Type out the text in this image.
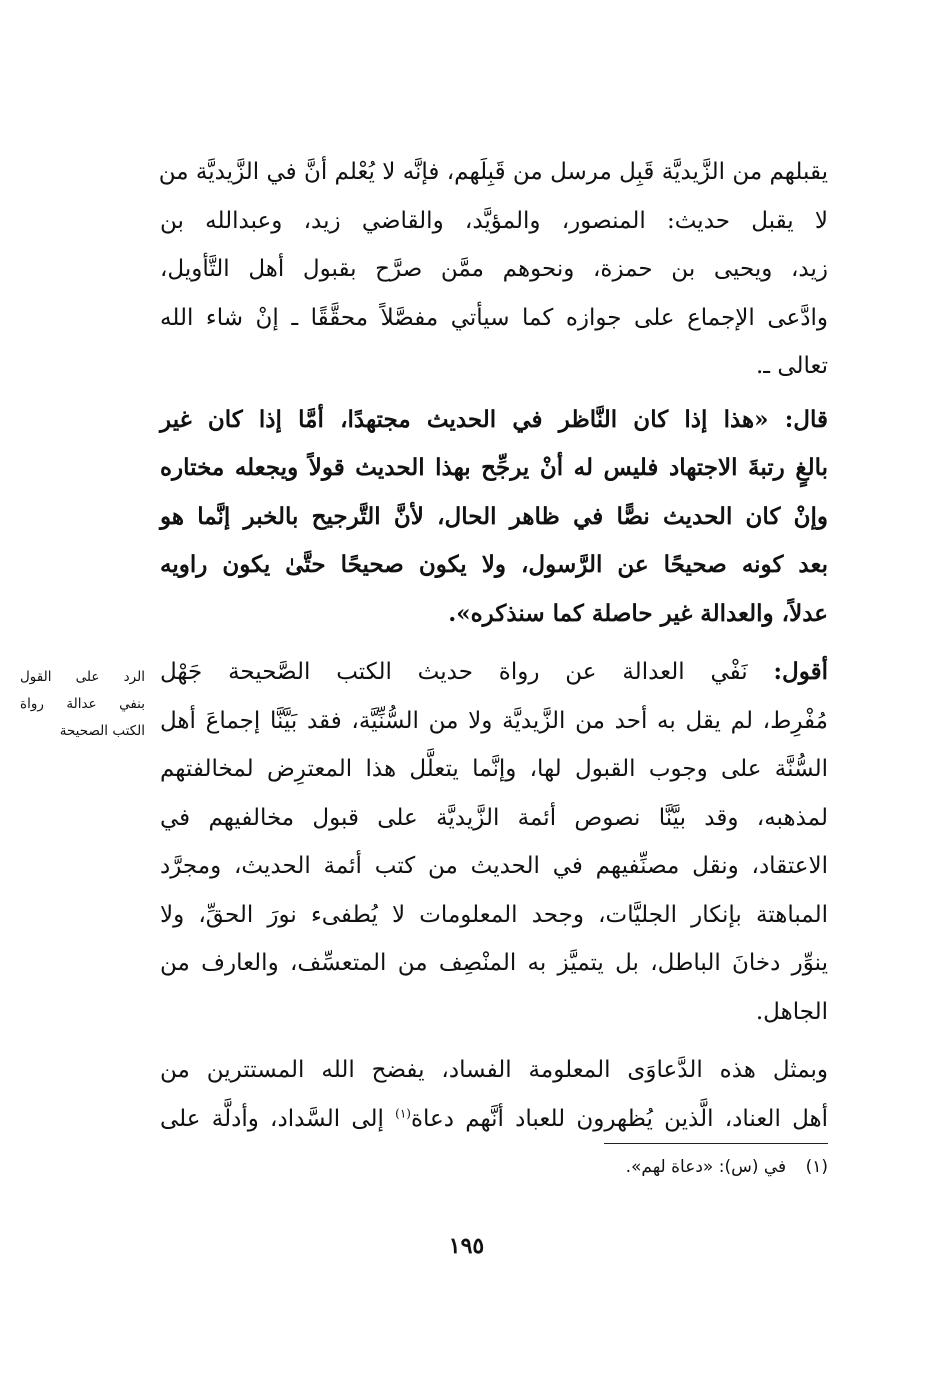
يقبلهم من الزَّيديَّة قَبِل مرسل من قَبِلَهم، فإنَّه لا يُعْلم أنَّ في الزَّيديَّة من
لا يقبل حديث: المنصور، والمؤيَّد، والقاضي زيد، وعبدالله بن
زيد، ويحيى بن حمزة، ونحوهم ممَّن صرَّح بقبول أهل التَّأويل،
وادَّعى الإجماع على جوازه كما سيأتي مفصَّلاً محقَّقًا ـ إنْ شاء الله
تعالى ـ.

قال: «هذا إذا كان النَّاظر في الحديث مجتهدًا، أمَّا إذا كان غير
بالغٍ رتبةَ الاجتهاد فليس له أنْ يرجِّح بهذا الحديث قولاً ويجعله مختاره
وإنْ كان الحديث نصًّا في ظاهر الحال، لأنَّ التَّرجيح بالخبر إنَّما هو
بعد كونه صحيحًا عن الرَّسول، ولا يكون صحيحًا حتَّىٰ يكون راويه
عدلاً، والعدالة غير حاصلة كما سنذكره».

أقول: نَفْي العدالة عن رواة حديث الكتب الصَّحيحة جَهْل
مُفْرِط، لم يقل به أحد من الزَّيديَّة ولا من السُّنِّيَّة، فقد بَيَّنَّا إجماعَ أهل
السُّنَّة على وجوب القبول لها، وإنَّما يتعلَّل هذا المعترِض لمخالفتهم
لمذهبه، وقد بيَّنَّا نصوص أئمة الزَّيديَّة على قبول مخالفيهم في
الاعتقاد، ونقل مصنِّفيهم في الحديث من كتب أئمة الحديث، ومجرَّد
المباهتة بإنكار الجليَّات، وجحد المعلومات لا يُطفىء نورَ الحقِّ، ولا
ينوِّر دخانَ الباطل، بل يتميَّز به المنْصِف من المتعسِّف، والعارف من
الجاهل.

وبمثل هذه الدَّعاوَى المعلومة الفساد، يفضح الله المستترين من
أهل العناد، الَّذين يُظهرون للعباد أنَّهم دعاة$^{(١)}$ إلى السَّداد، وأدلَّة على

الرد على القول
بنفي عدالة رواة
الكتب الصحيحة
(١) في (س): «دعاة لهم».
١٩٥
